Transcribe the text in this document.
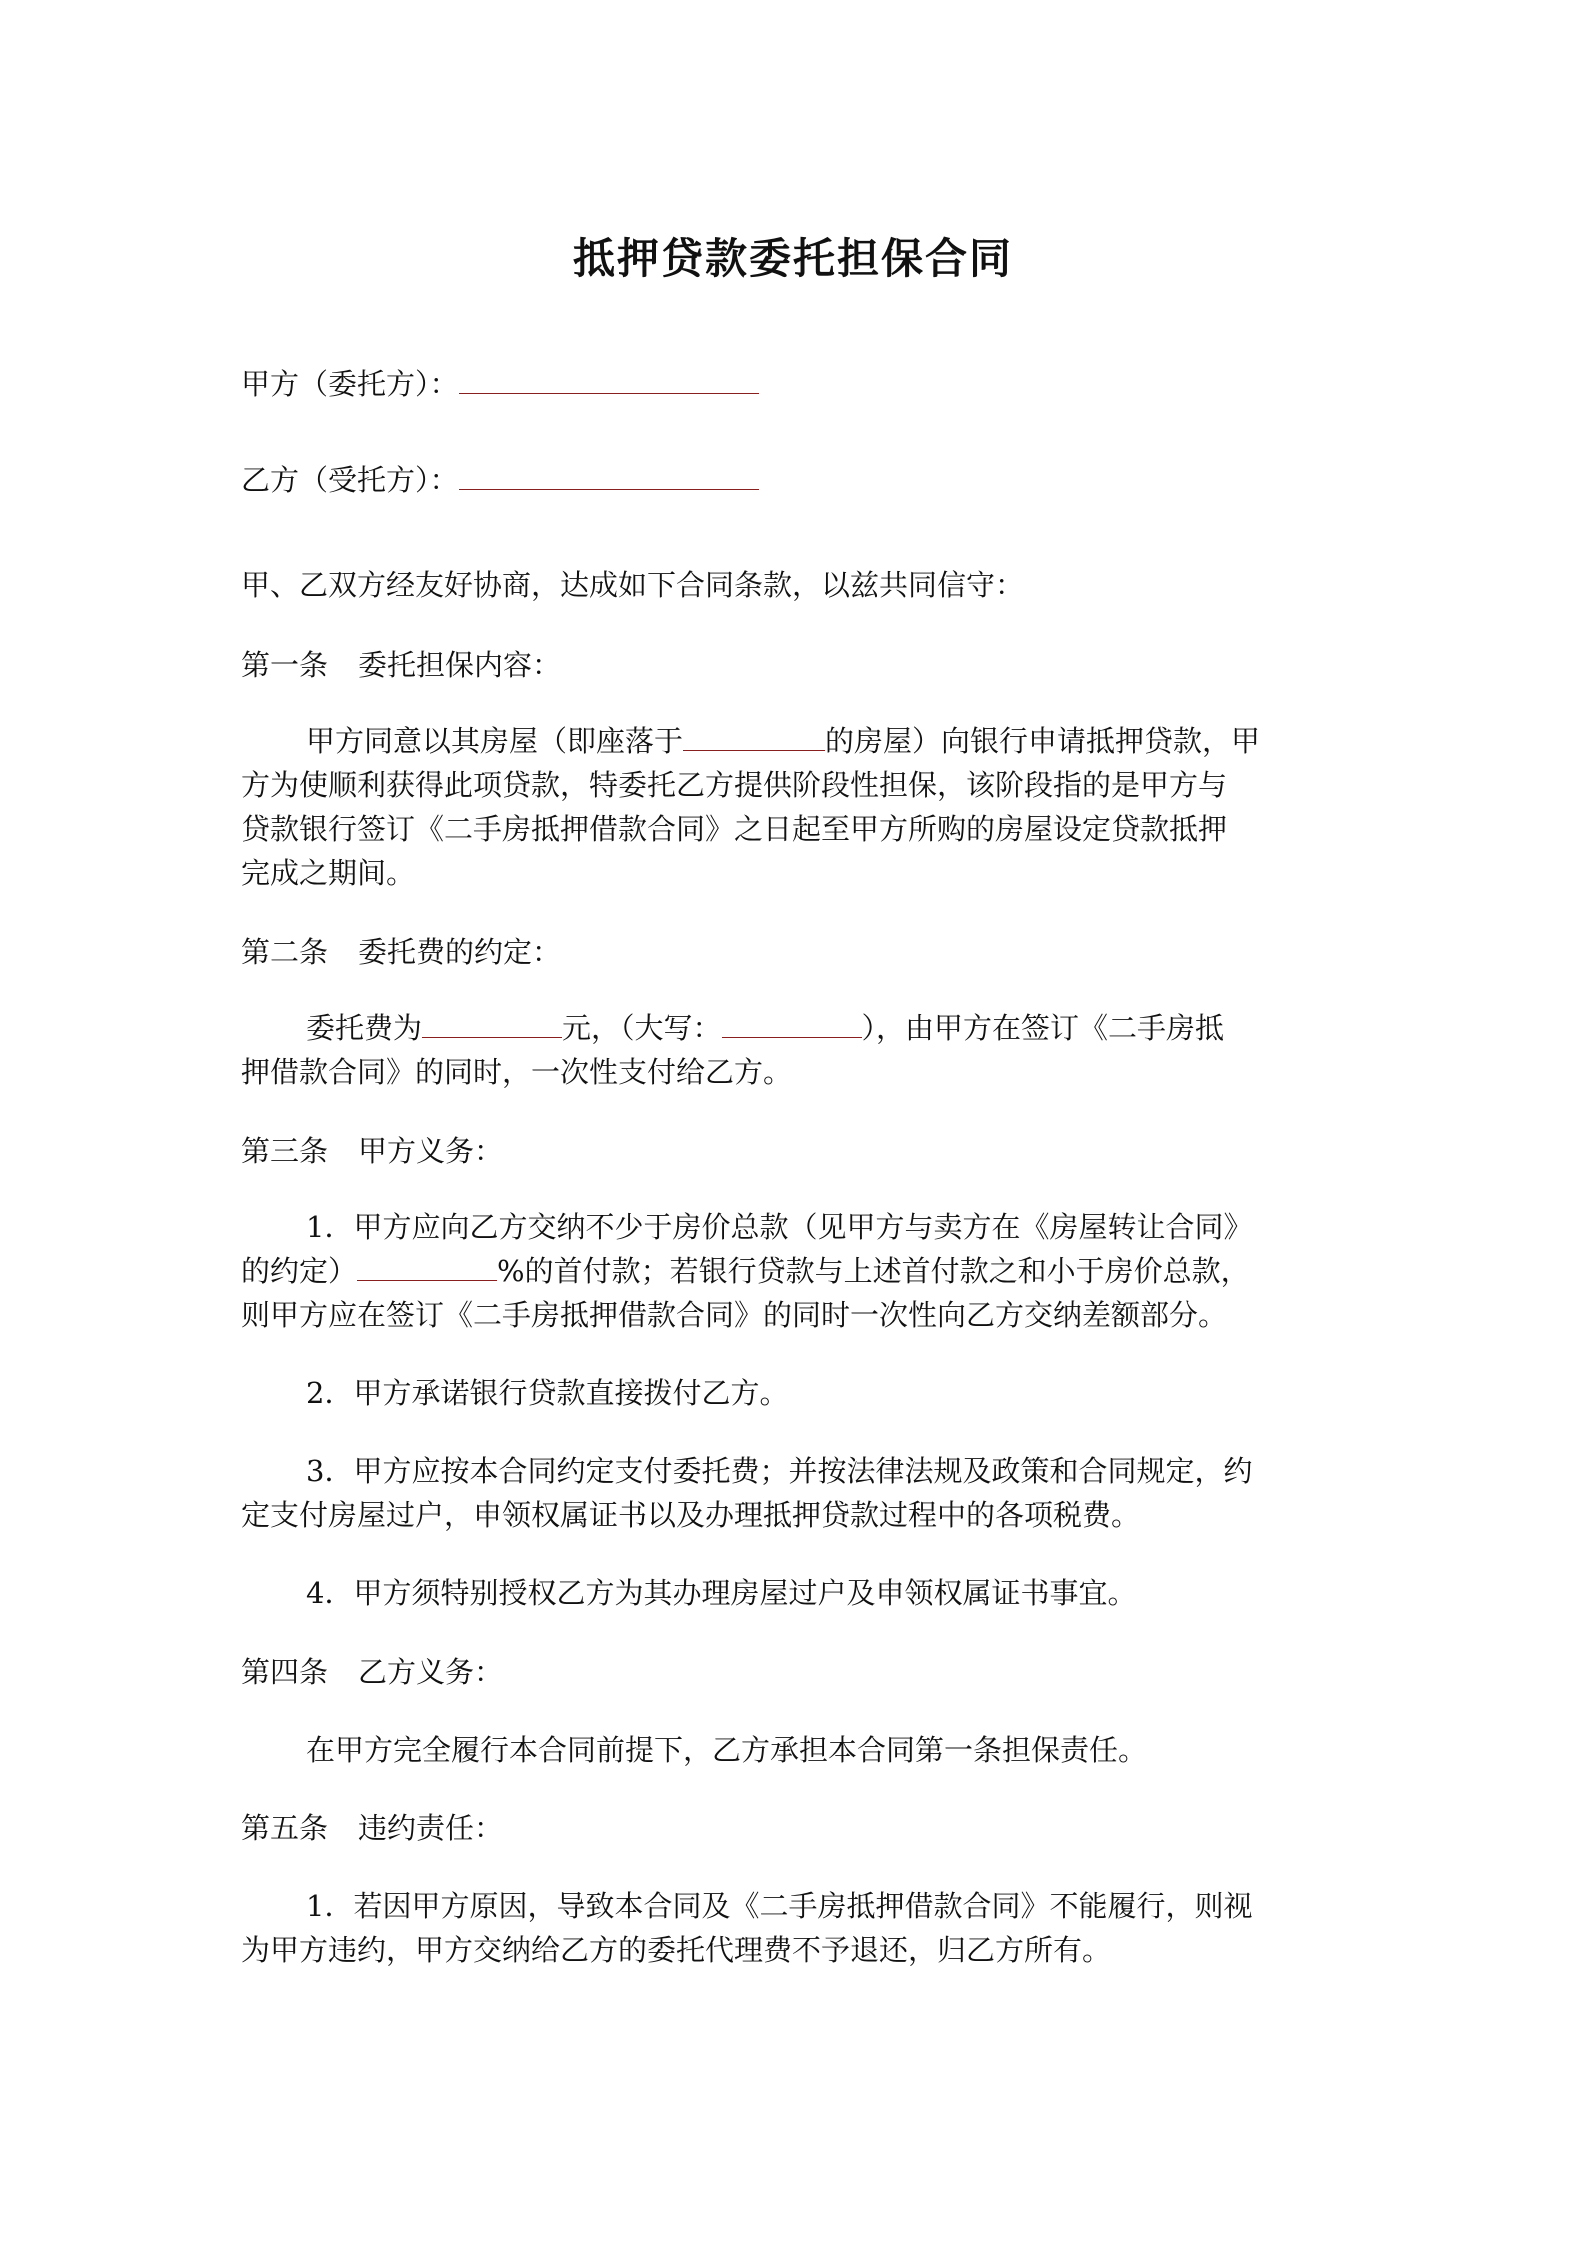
抵押贷款委托担保合同
甲方（委托方）：
乙方（受托方）：
甲、乙双方经友好协商，达成如下合同条款，以兹共同信守：
第一条 委托担保内容：
甲方同意以其房屋（即座落于	的房屋）向银行申请抵押贷款，甲
方为使顺利获得此项贷款，特委托乙方提供阶段性担保，该阶段指的是甲方与
贷款银行签订《二手房抵押借款合同》之日起至甲方所购的房屋设定贷款抵押
完成之期间。
第二条 委托费的约定：
委托费为	元，（大写：	），由甲方在签订《二手房抵
押借款合同》的同时，一次性支付给乙方。
第三条 甲方义务：
1．甲方应向乙方交纳不少于房价总款（见甲方与卖方在《房屋转让合同》
的约定）	%的首付款；若银行贷款与上述首付款之和小于房价总款，
则甲方应在签订《二手房抵押借款合同》的同时一次性向乙方交纳差额部分。
2．甲方承诺银行贷款直接拨付乙方。
3．甲方应按本合同约定支付委托费；并按法律法规及政策和合同规定，约
定支付房屋过户，申领权属证书以及办理抵押贷款过程中的各项税费。
4．甲方须特别授权乙方为其办理房屋过户及申领权属证书事宜。
第四条 乙方义务：
在甲方完全履行本合同前提下，乙方承担本合同第一条担保责任。
第五条 违约责任：
1．若因甲方原因，导致本合同及《二手房抵押借款合同》不能履行，则视
为甲方违约，甲方交纳给乙方的委托代理费不予退还，归乙方所有。
